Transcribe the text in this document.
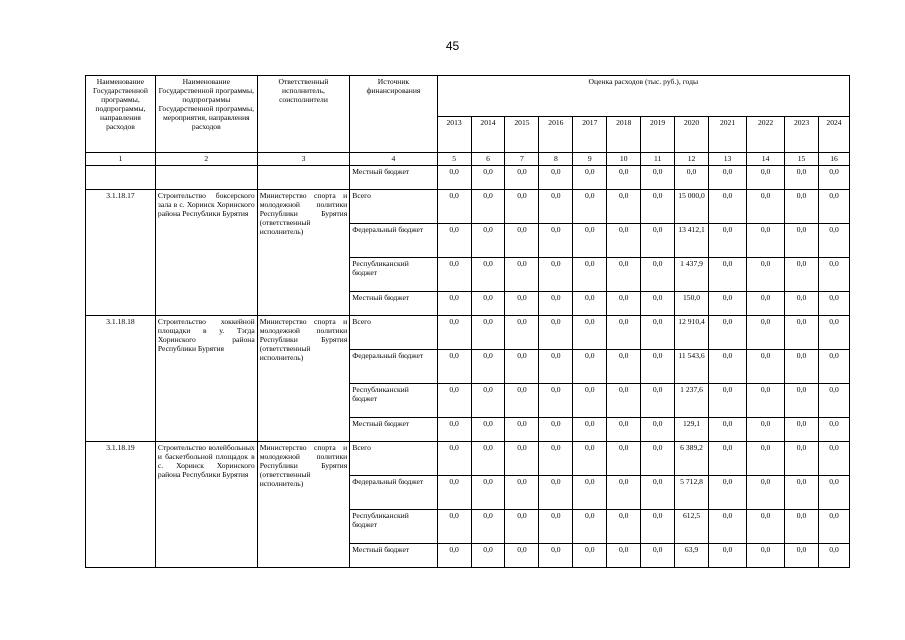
45
Наименование Государственной программы, подпрограммы, направления расходов	Наименование Государственной программы, подпрограммы Государственной программы, мероприятия, направления расходов	Ответственный исполнитель, соисполнители	Источник финансирования	Оценка расходов (тыс. руб.), годы											
				2013	2014	2015	2016	2017	2018	2019	2020	2021	2022	2023	2024
1	2	3	4	5	6	7	8	9	10	11	12	13	14	15	16
			Местный бюджет	0,0	0,0	0,0	0,0	0,0	0,0	0,0	0,0	0,0	0,0	0,0	0,0
3.1.18.17	Строительство боксерского зала в с. Хоринск Хоринского района Республики Бурятия	Министерство спорта и молодежной политики Республики Бурятия (ответственный исполнитель)	Всего	0,0	0,0	0,0	0,0	0,0	0,0	0,0	15 000,0	0,0	0,0	0,0	0,0
			Федеральный бюджет	0,0	0,0	0,0	0,0	0,0	0,0	0,0	13 412,1	0,0	0,0	0,0	0,0
			Республиканский бюджет	0,0	0,0	0,0	0,0	0,0	0,0	0,0	1 437,9	0,0	0,0	0,0	0,0
			Местный бюджет	0,0	0,0	0,0	0,0	0,0	0,0	0,0	150,0	0,0	0,0	0,0	0,0
3.1.18.18	Строительство хоккейной площадки в у. Тэгда Хоринского района Республики Бурятия	Министерство спорта и молодежной политики Республики Бурятия (ответственный исполнитель)	Всего	0,0	0,0	0,0	0,0	0,0	0,0	0,0	12 910,4	0,0	0,0	0,0	0,0
			Федеральный бюджет	0,0	0,0	0,0	0,0	0,0	0,0	0,0	11 543,6	0,0	0,0	0,0	0,0
			Республиканский бюджет	0,0	0,0	0,0	0,0	0,0	0,0	0,0	1 237,6	0,0	0,0	0,0	0,0
			Местный бюджет	0,0	0,0	0,0	0,0	0,0	0,0	0,0	129,1	0,0	0,0	0,0	0,0
3.1.18.19	Строительство волейбольных и баскетбольной площадок в с. Хоринск Хоринского района Республики Бурятия	Министерство спорта и молодежной политики Республики Бурятия (ответственный исполнитель)	Всего	0,0	0,0	0,0	0,0	0,0	0,0	0,0	6 389,2	0,0	0,0	0,0	0,0
			Федеральный бюджет	0,0	0,0	0,0	0,0	0,0	0,0	0,0	5 712,8	0,0	0,0	0,0	0,0
			Республиканский бюджет	0,0	0,0	0,0	0,0	0,0	0,0	0,0	612,5	0,0	0,0	0,0	0,0
			Местный бюджет	0,0	0,0	0,0	0,0	0,0	0,0	0,0	63,9	0,0	0,0	0,0	0,0
